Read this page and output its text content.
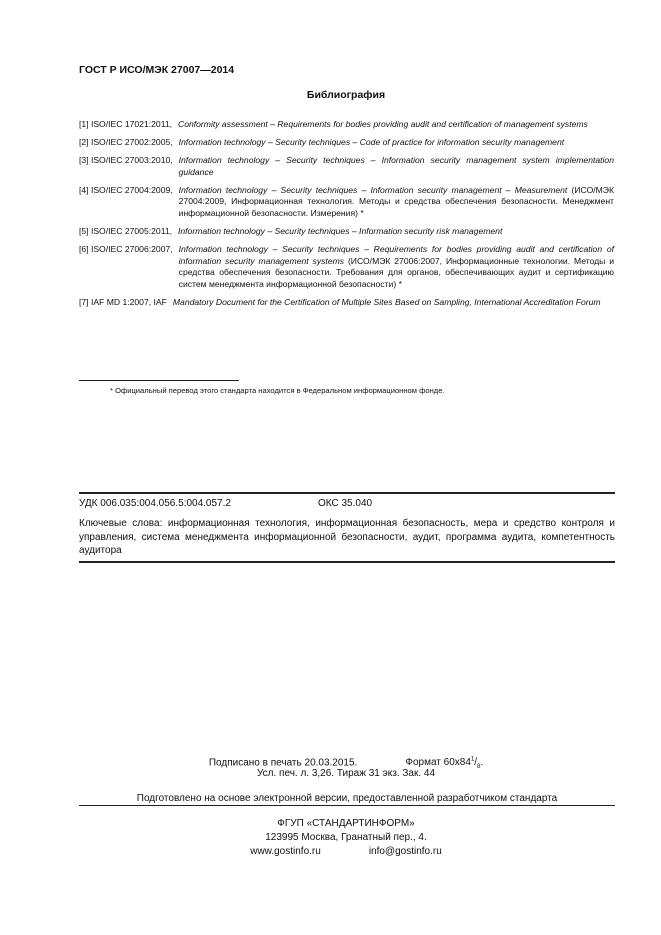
ГОСТ Р ИСО/МЭК 27007—2014
Библиография
[1] ISO/IEC 17021:2011, Conformity assessment – Requirements for bodies providing audit and certification of management systems
[2] ISO/IEC 27002:2005, Information technology – Security techniques – Code of practice for information security management
[3] ISO/IEC 27003:2010, Information technology – Security techniques – Information security management system implementation guidance
[4] ISO/IEC 27004:2009, Information technology – Security techniques – Information security management – Measurement (ИСО/МЭК 27004:2009, Информационная технология. Методы и средства обеспечения безопасности. Менеджмент информационной безопасности. Измерения) *
[5] ISO/IEC 27005:2011, Information technology – Security techniques – Information security risk management
[6] ISO/IEC 27006:2007, Information technology – Security techniques – Requirements for bodies providing audit and certification of information security management systems (ИСО/МЭК 27006:2007, Информационные технологии. Методы и средства обеспечения безопасности. Требования для органов, обеспечивающих аудит и сертификацию систем менеджмента информационной безопасности) *
[7] IAF MD 1:2007, IAF Mandatory Document for the Certification of Multiple Sites Based on Sampling, International Accreditation Forum
* Официальный перевод этого стандарта находится в Федеральном информационном фонде.
УДК 006.035:004.056.5:004.057.2	ОКС 35.040
Ключевые слова: информационная технология, информационная безопасность, мера и средство контроля и управления, система менеджмента информационной безопасности, аудит, программа аудита, компетентность аудитора
Подписано в печать 20.03.2015.	Формат $60x84^1/_8$.
Усл. печ. л. 3,26. Тираж 31 экз. Зак. 44
Подготовлено на основе электронной версии, предоставленной разработчиком стандарта
ФГУП «СТАНДАРТИНФОРМ»
123995 Москва, Гранатный пер., 4.
www.gostinfo.ru	info@gostinfo.ru
